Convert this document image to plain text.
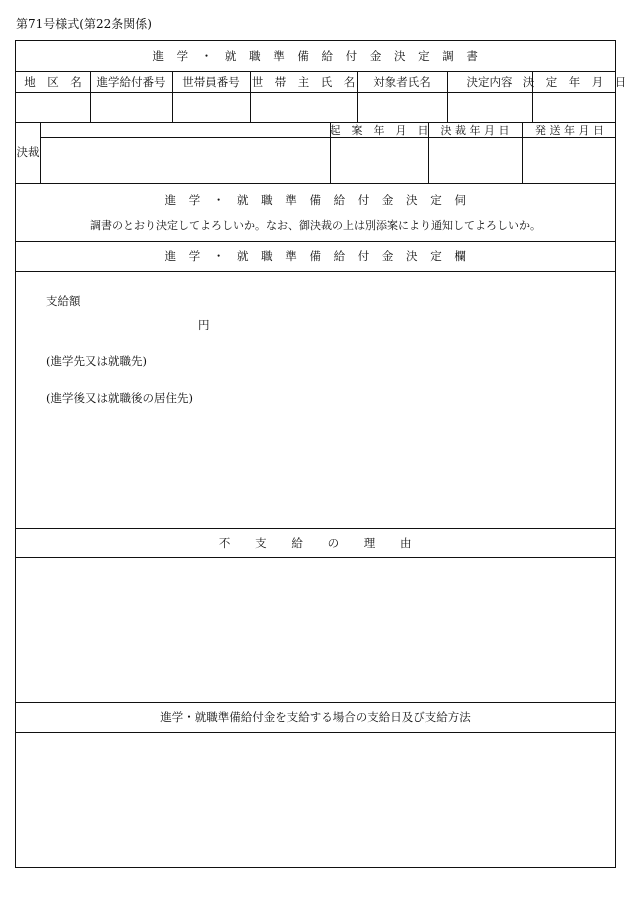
第71号様式(第22条関係)
進　学　・　就　職　準　備　給　付　金　決　定　調　書
地　区　名	進学給付番号	世帯員番号	世　帯　主　氏　名	対象者氏名	決定内容 決　定　年　月　日
決裁
起　案　年　月　日	決 裁 年 月 日	発 送 年 月 日
進　学　・　就　職　準　備　給　付　金　決　定　伺
調書のとおり決定してよろしいか。なお、御決裁の上は別添案により通知してよろしいか。
進　学　・　就　職　準　備　給　付　金　決　定　欄
支給額
円
(進学先又は就職先)
(進学後又は就職後の居住先)
不　　支　　給　　の　　理　　由
進学・就職準備給付金を支給する場合の支給日及び支給方法
